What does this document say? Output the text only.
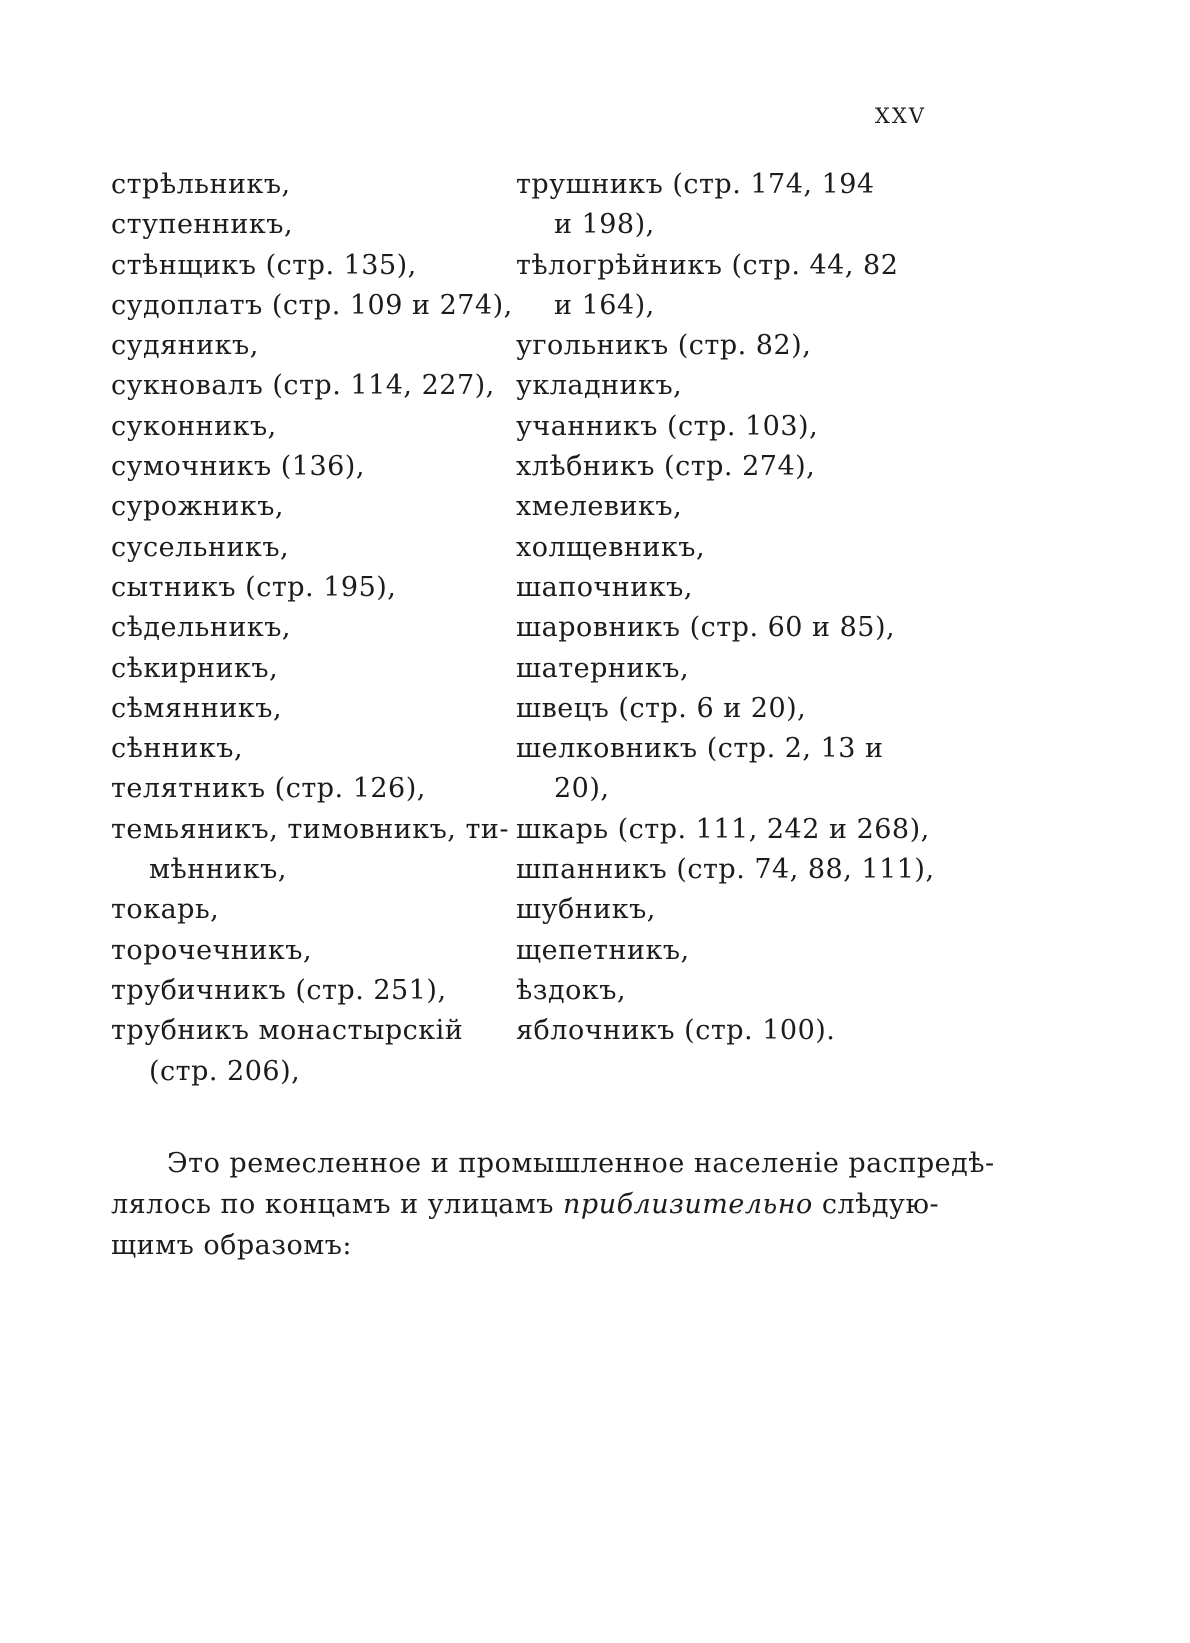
XXV
стрѣльникъ,
ступенникъ,
стѣнщикъ (стр. 135),
судоплатъ (стр. 109 и 274),
судяникъ,
сукновалъ (стр. 114, 227),
суконникъ,
сумочникъ (136),
сурожникъ,
сусельникъ,
сытникъ (стр. 195),
сѣдельникъ,
сѣкирникъ,
сѣмянникъ,
сѣнникъ,
телятникъ (стр. 126),
темьяникъ, тимовникъ, ти-
мѣнникъ,
токарь,
торочечникъ,
трубичникъ (стр. 251),
трубникъ монастырскій
(стр. 206),
трушникъ (стр. 174, 194
и 198),
тѣлогрѣйникъ (стр. 44, 82
и 164),
угольникъ (стр. 82),
укладникъ,
учанникъ (стр. 103),
хлѣбникъ (стр. 274),
хмелевикъ,
холщевникъ,
шапочникъ,
шаровникъ (стр. 60 и 85),
шатерникъ,
швецъ (стр. 6 и 20),
шелковникъ (стр. 2, 13 и
20),
шкарь (стр. 111, 242 и 268),
шпанникъ (стр. 74, 88, 111),
шубникъ,
щепетникъ,
ѣздокъ,
яблочникъ (стр. 100).

Это ремесленное и промышленное населеніе распредѣ-
лялось по концамъ и улицамъ приблизительно слѣдую-
щимъ образомъ:
